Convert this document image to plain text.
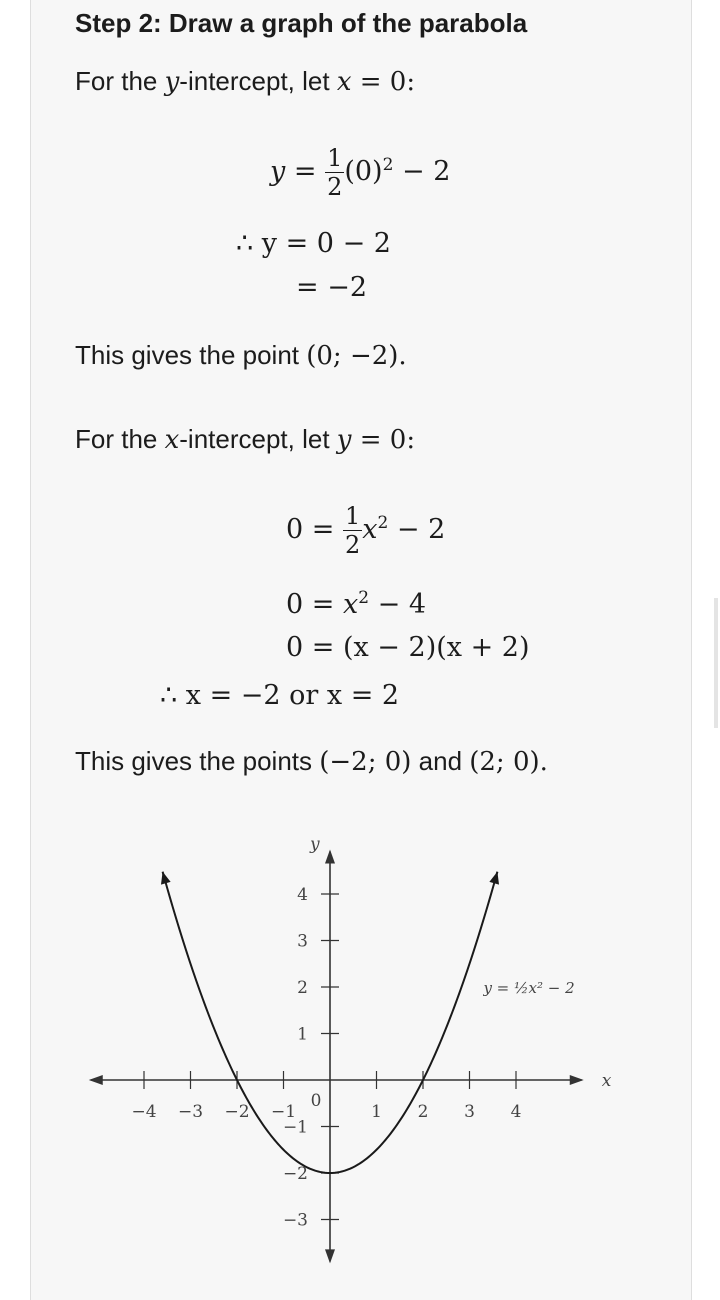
Step 2: Draw a graph of the parabola
For the y-intercept, let x = 0:
$y = \frac{1}{2} (0)^2 - 2$
∴ y = 0 − 2
= −2
This gives the point (0; −2).
For the x-intercept, let y = 0:
$0 = \frac{1}{2} x^2 - 2$
$0 = x^2 - 4$
0 = (x − 2)(x + 2)
∴ x = −2 or x = 2
This gives the points (−2; 0) and (2; 0).
−4 −3 −2 −1	1 2 3 4
4
3
2
1
−1
−2
−3
0
x
y
y = ½x² − 2
